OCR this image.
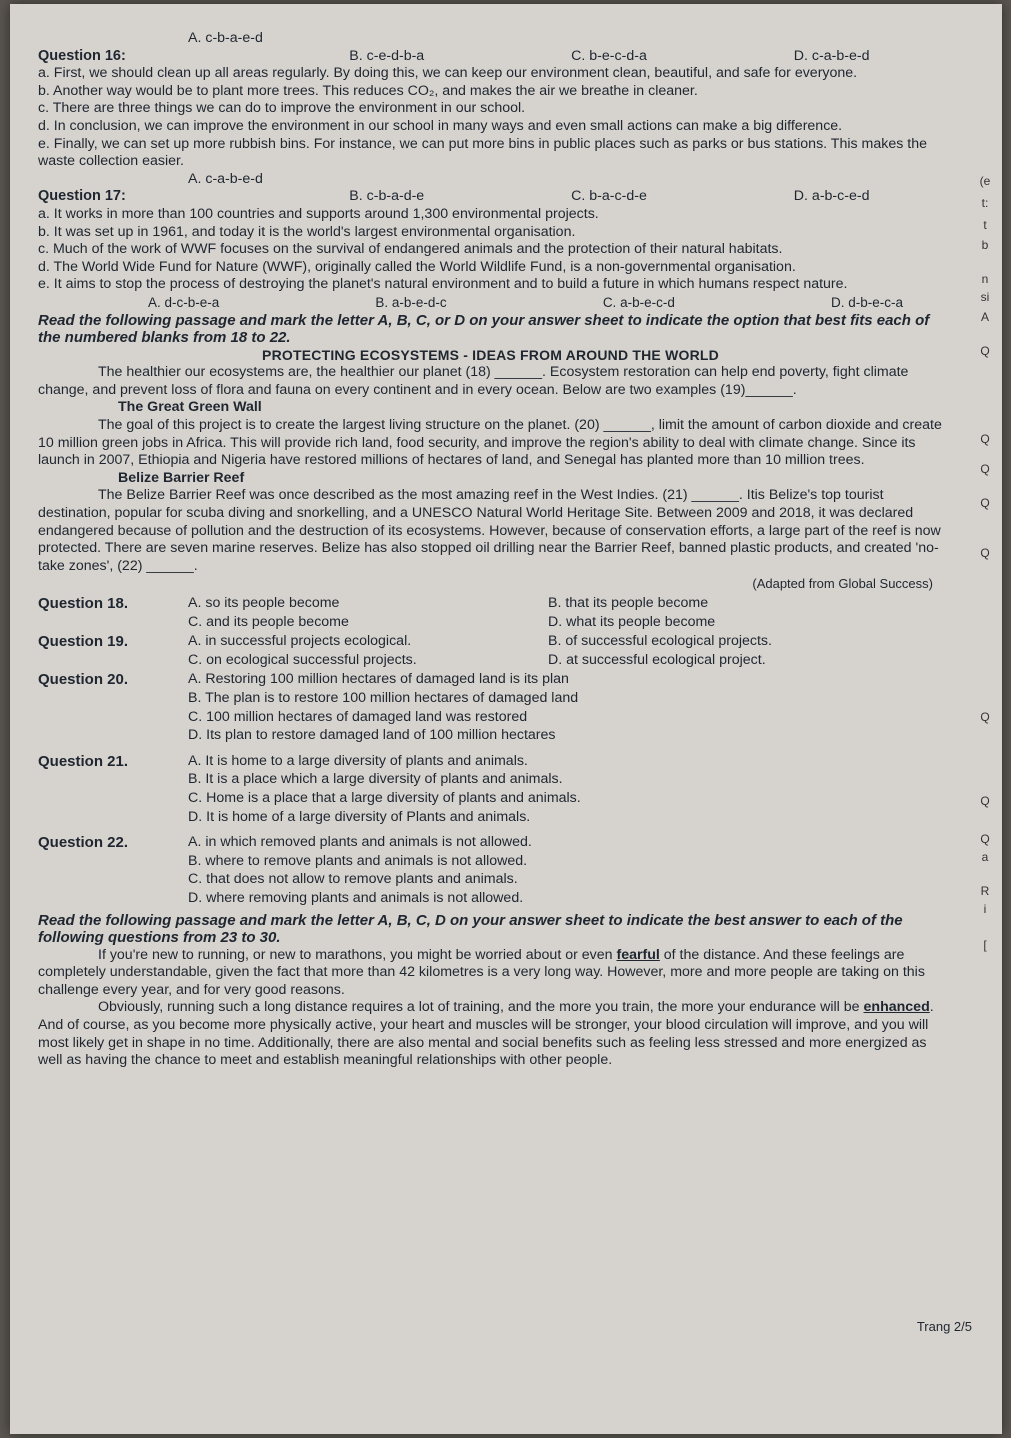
A. c-b-a-e-d
Question 16:	B. c-e-d-b-a	C. b-e-c-d-a	D. c-a-b-e-d

a. First, we should clean up all areas regularly. By doing this, we can keep our environment clean, beautiful, and safe for everyone.

b. Another way would be to plant more trees. This reduces CO₂, and makes the air we breathe in cleaner.

c. There are three things we can do to improve the environment in our school.

d. In conclusion, we can improve the environment in our school in many ways and even small actions can make a big difference.

e. Finally, we can set up more rubbish bins. For instance, we can put more bins in public places such as parks or bus stations. This makes the waste collection easier.

A. c-a-b-e-d
Question 17:	B. c-b-a-d-e	C. b-a-c-d-e	D. a-b-c-e-d

a. It works in more than 100 countries and supports around 1,300 environmental projects.

b. It was set up in 1961, and today it is the world's largest environmental organisation.

c. Much of the work of WWF focuses on the survival of endangered animals and the protection of their natural habitats.

d. The World Wide Fund for Nature (WWF), originally called the World Wildlife Fund, is a non-governmental organisation.

e. It aims to stop the process of destroying the planet's natural environment and to build a future in which humans respect nature.

A. d-c-b-e-a	B. a-b-e-d-c	C. a-b-e-c-d	D. d-b-e-c-a

Read the following passage and mark the letter A, B, C, or D on your answer sheet to indicate the option that best fits each of the numbered blanks from 18 to 22.

PROTECTING ECOSYSTEMS - IDEAS FROM AROUND THE WORLD

The healthier our ecosystems are, the healthier our planet (18) ______. Ecosystem restoration can help end poverty, fight climate change, and prevent loss of flora and fauna on every continent and in every ocean. Below are two examples (19)______.

The Great Green Wall

The goal of this project is to create the largest living structure on the planet. (20) ______, limit the amount of carbon dioxide and create 10 million green jobs in Africa. This will provide rich land, food security, and improve the region's ability to deal with climate change. Since its launch in 2007, Ethiopia and Nigeria have restored millions of hectares of land, and Senegal has planted more than 10 million trees.

Belize Barrier Reef

The Belize Barrier Reef was once described as the most amazing reef in the West Indies. (21) ______. Itis Belize's top tourist destination, popular for scuba diving and snorkelling, and a UNESCO Natural World Heritage Site. Between 2009 and 2018, it was declared endangered because of pollution and the destruction of its ecosystems. However, because of conservation efforts, a large part of the reef is now protected. There are seven marine reserves. Belize has also stopped oil drilling near the Barrier Reef, banned plastic products, and created 'no-take zones', (22) ______.

(Adapted from Global Success)
Question 18.	A. so its people become	B. that its people become
C. and its people become	D. what its people become
Question 19.	A. in successful projects ecological.	B. of successful ecological projects.
C. on ecological successful projects.	D. at successful ecological project.
Question 20.	A. Restoring 100 million hectares of damaged land is its plan
B. The plan is to restore 100 million hectares of damaged land
C. 100 million hectares of damaged land was restored
D. Its plan to restore damaged land of 100 million hectares
Question 21.	A. It is home to a large diversity of plants and animals.
B. It is a place which a large diversity of plants and animals.
C. Home is a place that a large diversity of plants and animals.
D. It is home of a large diversity of Plants and animals.
Question 22.	A. in which removed plants and animals is not allowed.
B. where to remove plants and animals is not allowed.
C. that does not allow to remove plants and animals.
D. where removing plants and animals is not allowed.

Read the following passage and mark the letter A, B, C, D on your answer sheet to indicate the best answer to each of the following questions from 23 to 30.

If you're new to running, or new to marathons, you might be worried about or even fearful of the distance. And these feelings are completely understandable, given the fact that more than 42 kilometres is a very long way. However, more and more people are taking on this challenge every year, and for very good reasons.

Obviously, running such a long distance requires a lot of training, and the more you train, the more your endurance will be enhanced. And of course, as you become more physically active, your heart and muscles will be stronger, your blood circulation will improve, and you will most likely get in shape in no time. Additionally, there are also mental and social benefits such as feeling less stressed and more energized as well as having the chance to meet and establish meaningful relationships with other people.

Trang 2/5
(e
t:
t
b
n
si
A
Q
Q
Q
Q
Q
Q
Q
Q
a
R
i
[
